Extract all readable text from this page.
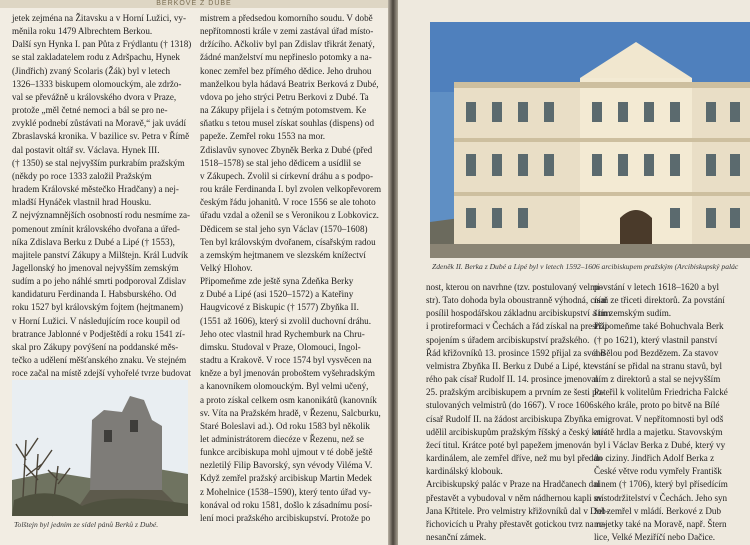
BERKOVÉ Z DUBÉ

jetek zejména na Žitavsku a v Horní Lužici, vy-

měnila roku 1479 Albrechtem Berkou.

Další syn Hynka I. pan Půta z Frýdlantu († 1318)

se stal zakladatelem rodu z Adršpachu, Hynek

(Jindřich) zvaný Scolaris (Žák) byl v letech

1326–1333 biskupem olomouckým, ale zdržo-

val se převážně u královského dvora v Praze,

protože „měl četné nemoci a bál se pro ne-

zvyklé podnebí zůstávati na Moravě,“ jak uvádí

Zbraslavská kronika. V bazilice sv. Petra v Římě

dal postavit oltář sv. Václava. Hynek III.

(† 1350) se stal nejvyšším purkrabím pražským

(někdy po roce 1333 založil Pražským

hradem Královské městečko Hradčany) a nej-

mladší Hynáček vlastnil hrad Housku.

Z nejvýznamnějších osobností rodu nesmíme za-

pomenout zmínit královského dvořana a úřed-

níka Zdislava Berku z Dubé a Lipé († 1553),

majitele panství Zákupy a Milštejn. Král Ludvík

Jagellonský ho jmenoval nejvyšším zemským

sudím a po jeho náhlé smrti podporoval Zdislav

kandidaturu Ferdinanda I. Habsburského. Od

roku 1527 byl královským fojtem (hejtmanem)

v Horní Lužici. V následujícím roce koupil od

bratrance Jablonné v Podještědí a roku 1541 zí-

skal pro Zákupy povýšení na poddanské měs-

tečko a udělení měšťanského znaku. Ve stejném

roce začal na místě zdejší vyhořelé tvrze budovat

mistrem a předsedou komorního soudu. V době

nepřítomnosti krále v zemi zastával úřad místo-

držícího. Ačkoliv byl pan Zdislav třikrát ženatý,

žádné manželství mu nepřineslo potomky a na-

konec zemřel bez přímého dědice. Jeho druhou

manželkou byla hádavá Beatrix Berková z Dubé,

vdova po jeho strýci Petru Berkovi z Dubé. Ta

na Zákupy přijela i s četným potomstvem. Ke

sňatku s tetou musel získat souhlas (dispens) od

papeže. Zemřel roku 1553 na mor.

Zdislavův synovec Zbyněk Berka z Dubé (před

1518–1578) se stal jeho dědicem a usídlil se

v Zákupech. Zvolil si církevní dráhu a s podpo-

rou krále Ferdinanda I. byl zvolen velkopřevorem

českým řádu johanitů. V roce 1556 se ale tohoto

úřadu vzdal a oženil se s Veronikou z Lobkovicz.

Dědicem se stal jeho syn Václav (1570–1608)

Ten byl královským dvořanem, císařským radou

a zemským hejtmanem ve slezském knížectví

Velký Hlohov.

Připomeňme zde ještě syna Zdeňka Berky

z Dubé a Lipé (asi 1520–1572) a Kateřiny

Haugvicové z Biskupic († 1577) Zbyňka II.

(1551 až 1606), který si zvolil duchovní dráhu.

Jeho otec vlastnil hrad Rychemburk na Chru-

dimsku. Studoval v Praze, Olomouci, Ingol-

stadtu a Krakově. V roce 1574 byl vysvěcen na

kněze a byl jmenován proboštem vyšehradským

a kanovníkem olomouckým. Byl velmi učený,

a proto získal celkem osm kanonikátů (kanovník

sv. Víta na Pražském hradě, v Řezenu, Salcburku,

Staré Boleslavi ad.). Od roku 1583 byl několik

let administrátorem diecéze v Řezenu, než se

funkce arcibiskupa mohl ujmout v té době ještě

nezletilý Filip Bavorský, syn vévody Viléma V.

Když zemřel pražský arcibiskup Martin Medek

z Mohelnice (1538–1590), který tento úřad vy-

konával od roku 1581, došlo k zásadnímu posí-

lení moci pražského arcibiskupství. Protože po

Tolštejn byl jedním ze sídel pánů Berků z Dubé.
Zdeněk II. Berka z Dubé a Lipé byl v letech 1592–1606 arcibiskupem pražským (Arcibiskupský palác

nost, kterou on navrhne (tzv. postulovaný velmi-

str). Tato dohoda byla oboustranně výhodná, císař

posílil hospodářskou základnu arcibiskupství a tím

i protireformaci v Čechách a řád získal na prestiži

spojením s úřadem arcibiskupství pražského.

Řád křižovníků 13. prosince 1592 přijal za svého

velmistra Zbyňka II. Berku z Dubé a Lipé, kte-

rého pak císař Rudolf II. 14. prosince jmenoval

25. pražským arcibiskupem a prvním ze šesti po-

stulovaných velmistrů (do 1667). V roce 1606

císař Rudolf II. na žádost arcibiskupa Zbyňka

udělil arcibiskupům pražským říšský a český kní-

žecí titul. Krátce poté byl papežem jmenován

kardinálem, ale zemřel dříve, než mu byl předán

kardinálský klobouk.

Arcibiskupský palác v Praze na Hradčanech dal

přestavět a vybudoval v něm nádhernou kapli sv.

Jana Křtitele. Pro velmistry křižovníků dal v Dob-

řichovicích u Prahy přestavět gotickou tvrz na re-

nesanční zámek.

povstání v letech 1618–1620 a byl

ním ze třiceti direktorů. Za povstání

ším zemským sudím.

Připomeňme také Bohuchvala Berk

(† po 1621), který vlastnil panství

a Bělou pod Bezdězem. Za stavov

vstání se přidal na stranu stavů, byl

ním z direktorů a stal se nejvyšším

Pateřil k volitelům Friedricha Falcké

ského krále, proto po bitvě na Bílé

emigrovat. V nepřítomnosti byl odš

ztrátě hrdla a majetku. Stavovským

byl i Václav Berka z Dubé, který vy

do ciziny. Jindřich Adolf Berka z

České větve rodu vymřely Františk

ninem († 1706), který byl přísedícím

místodržitelství v Čechách. Jeho syn

žel zemřel v mládí. Berkové z Dub

majetky také na Moravě, např. Štern

lice, Velké Meziříčí nebo Dačice.
